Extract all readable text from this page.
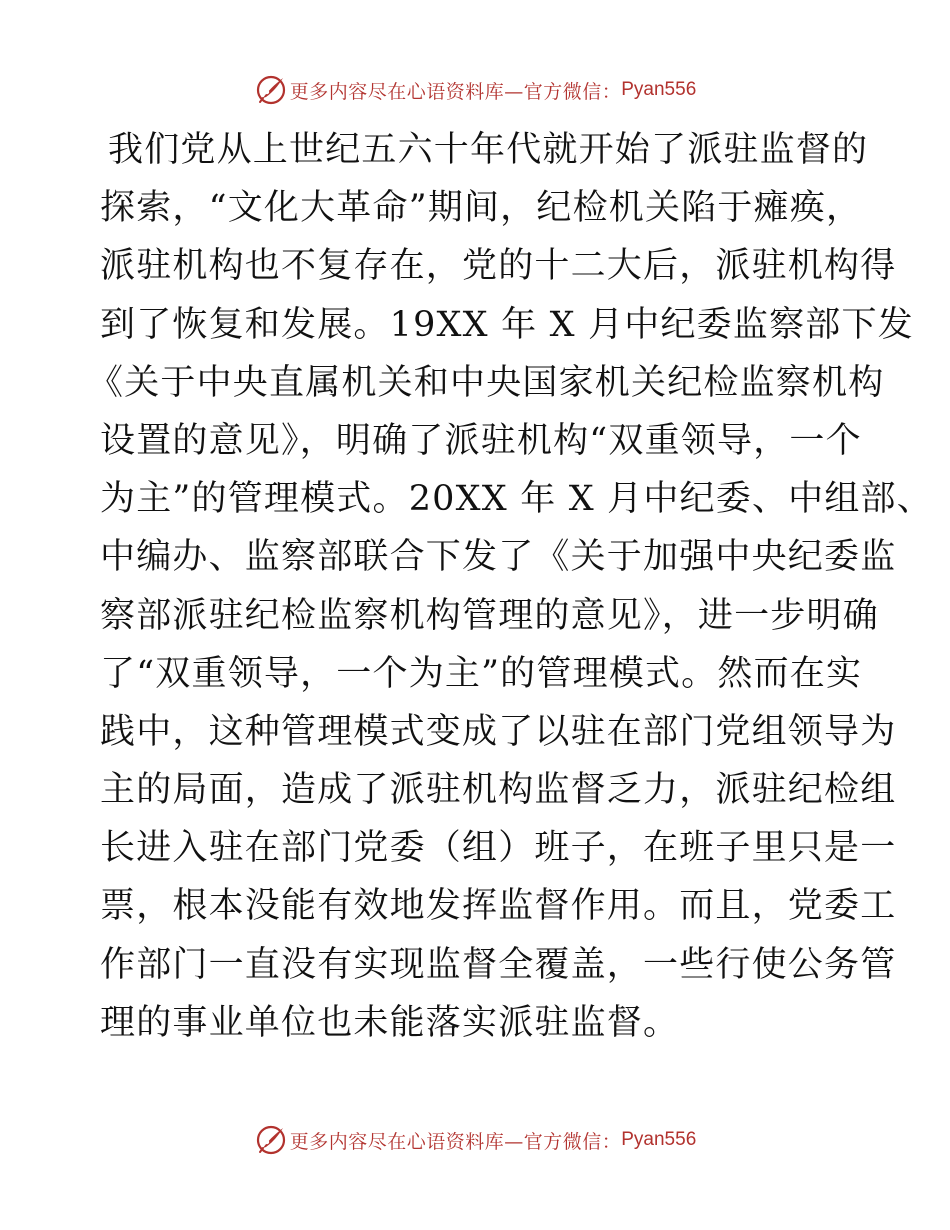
更多内容尽在心语资料库—官方微信： Pyan556
我们党从上世纪五六十年代就开始了派驻监督的
探索，“文化大革命”期间，纪检机关陷于瘫痪，
派驻机构也不复存在，党的十二大后，派驻机构得
到了恢复和发展。19XX 年 X 月中纪委监察部下发
《关于中央直属机关和中央国家机关纪检监察机构
设置的意见》，明确了派驻机构“双重领导，一个
为主”的管理模式。20XX 年 X 月中纪委、中组部、
中编办、监察部联合下发了《关于加强中央纪委监
察部派驻纪检监察机构管理的意见》，进一步明确
了“双重领导，一个为主”的管理模式。然而在实
践中，这种管理模式变成了以驻在部门党组领导为
主的局面，造成了派驻机构监督乏力，派驻纪检组
长进入驻在部门党委（组）班子，在班子里只是一
票，根本没能有效地发挥监督作用。而且，党委工
作部门一直没有实现监督全覆盖，一些行使公务管
理的事业单位也未能落实派驻监督。
更多内容尽在心语资料库—官方微信： Pyan556
